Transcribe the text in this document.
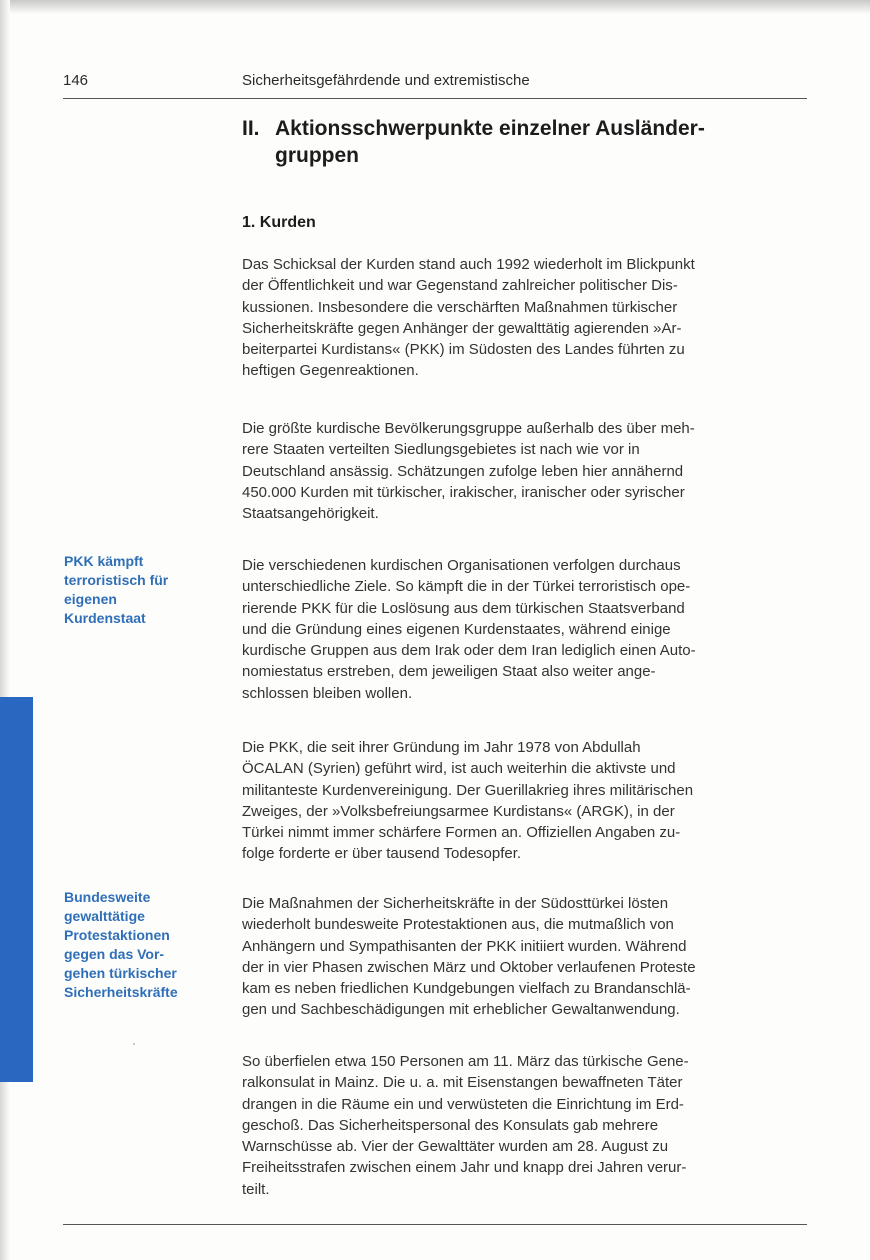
146	Sicherheitsgefährdende und extremistische
II. Aktionsschwerpunkte einzelner Ausländer-
gruppen
1. Kurden

Das Schicksal der Kurden stand auch 1992 wiederholt im Blickpunkt
der Öffentlichkeit und war Gegenstand zahlreicher politischer Dis-
kussionen. Insbesondere die verschärften Maßnahmen türkischer
Sicherheitskräfte gegen Anhänger der gewalttätig agierenden »Ar-
beiterpartei Kurdistans« (PKK) im Südosten des Landes führten zu
heftigen Gegenreaktionen.

Die größte kurdische Bevölkerungsgruppe außerhalb des über meh-
rere Staaten verteilten Siedlungsgebietes ist nach wie vor in
Deutschland ansässig. Schätzungen zufolge leben hier annähernd
450.000 Kurden mit türkischer, irakischer, iranischer oder syrischer
Staatsangehörigkeit.

PKK kämpft
terroristisch für
eigenen
Kurdenstaat

Die verschiedenen kurdischen Organisationen verfolgen durchaus
unterschiedliche Ziele. So kämpft die in der Türkei terroristisch ope-
rierende PKK für die Loslösung aus dem türkischen Staatsverband
und die Gründung eines eigenen Kurdenstaates, während einige
kurdische Gruppen aus dem Irak oder dem Iran lediglich einen Auto-
nomiestatus erstreben, dem jeweiligen Staat also weiter ange-
schlossen bleiben wollen.

Die PKK, die seit ihrer Gründung im Jahr 1978 von Abdullah
ÖCALAN (Syrien) geführt wird, ist auch weiterhin die aktivste und
militanteste Kurdenvereinigung. Der Guerillakrieg ihres militärischen
Zweiges, der »Volksbefreiungsarmee Kurdistans« (ARGK), in der
Türkei nimmt immer schärfere Formen an. Offiziellen Angaben zu-
folge forderte er über tausend Todesopfer.

Bundesweite
gewalttätige
Protestaktionen
gegen das Vor-
gehen türkischer
Sicherheitskräfte

Die Maßnahmen der Sicherheitskräfte in der Südosttürkei lösten
wiederholt bundesweite Protestaktionen aus, die mutmaßlich von
Anhängern und Sympathisanten der PKK initiiert wurden. Während
der in vier Phasen zwischen März und Oktober verlaufenen Proteste
kam es neben friedlichen Kundgebungen vielfach zu Brandanschlä-
gen und Sachbeschädigungen mit erheblicher Gewaltanwendung.

So überfielen etwa 150 Personen am 11. März das türkische Gene-
ralkonsulat in Mainz. Die u. a. mit Eisenstangen bewaffneten Täter
drangen in die Räume ein und verwüsteten die Einrichtung im Erd-
geschoß. Das Sicherheitspersonal des Konsulats gab mehrere
Warnschüsse ab. Vier der Gewalttäter wurden am 28. August zu
Freiheitsstrafen zwischen einem Jahr und knapp drei Jahren verur-
teilt.
